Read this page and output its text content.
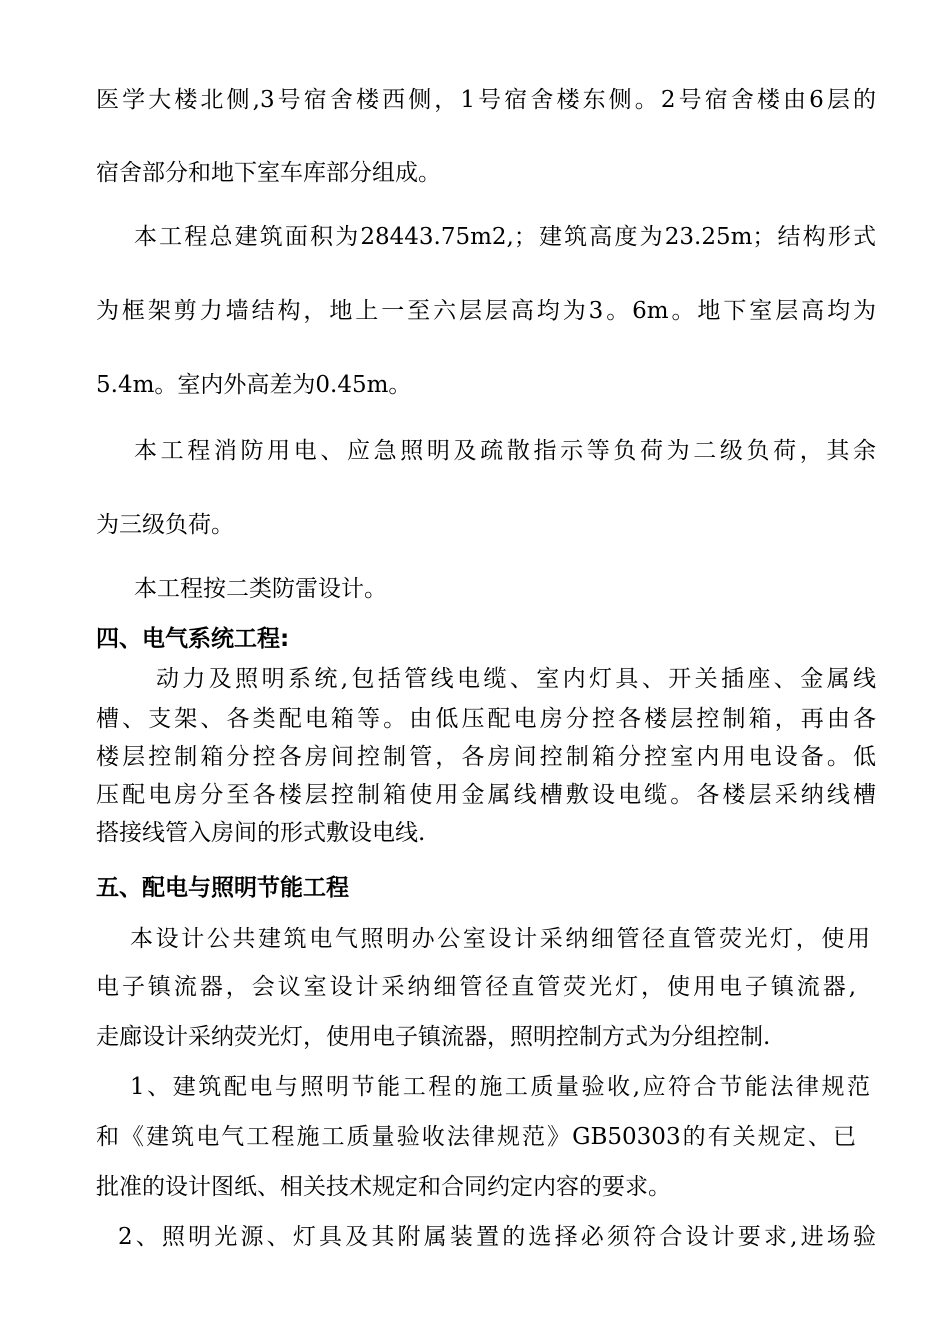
医学大楼北侧,3号宿舍楼西侧，1号宿舍楼东侧。2号宿舍楼由6层的
宿舍部分和地下室车库部分组成。
本工程总建筑面积为28443.75m2,；建筑高度为23.25m；结构形式
为框架剪力墙结构，地上一至六层层高均为3。6m。地下室层高均为
5.4m。室内外高差为0.45m。
本工程消防用电、应急照明及疏散指示等负荷为二级负荷，其余
为三级负荷。
本工程按二类防雷设计。
四、电气系统工程:
动力及照明系统,包括管线电缆、室内灯具、开关插座、金属线
槽、支架、各类配电箱等。由低压配电房分控各楼层控制箱，再由各
楼层控制箱分控各房间控制管，各房间控制箱分控室内用电设备。低
压配电房分至各楼层控制箱使用金属线槽敷设电缆。各楼层采纳线槽
搭接线管入房间的形式敷设电线.
五、配电与照明节能工程
本设计公共建筑电气照明办公室设计采纳细管径直管荧光灯，使用
电子镇流器，会议室设计采纳细管径直管荧光灯，使用电子镇流器,
走廊设计采纳荧光灯，使用电子镇流器，照明控制方式为分组控制.
1、建筑配电与照明节能工程的施工质量验收,应符合节能法律规范
和《建筑电气工程施工质量验收法律规范》GB50303的有关规定、已
批准的设计图纸、相关技术规定和合同约定内容的要求。
2、照明光源、灯具及其附属装置的选择必须符合设计要求,进场验
